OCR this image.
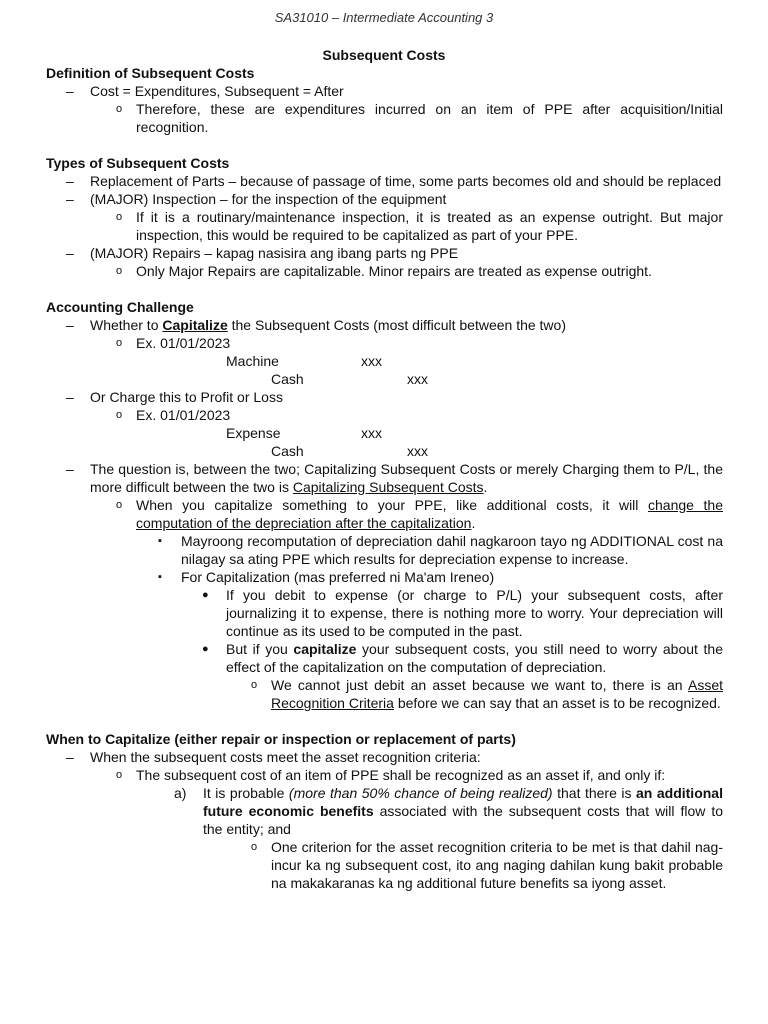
SA31010 – Intermediate Accounting 3
Subsequent Costs
Definition of Subsequent Costs
–	Cost = Expenditures, Subsequent = After
o Therefore, these are expenditures incurred on an item of PPE after acquisition/Initial recognition.
Types of Subsequent Costs
–	Replacement of Parts – because of passage of time, some parts becomes old and should be replaced
–	(MAJOR) Inspection – for the inspection of the equipment
o If it is a routinary/maintenance inspection, it is treated as an expense outright. But major inspection, this would be required to be capitalized as part of your PPE.
–	(MAJOR) Repairs – kapag nasisira ang ibang parts ng PPE
o Only Major Repairs are capitalizable. Minor repairs are treated as expense outright.
Accounting Challenge
–	Whether to Capitalize the Subsequent Costs (most difficult between the two)
o Ex. 01/01/2023
Machine	xxx
Cash	xxx
–	Or Charge this to Profit or Loss
o Ex. 01/01/2023
Expense	xxx
Cash	xxx
–	The question is, between the two; Capitalizing Subsequent Costs or merely Charging them to P/L, the more difficult between the two is Capitalizing Subsequent Costs.
o When you capitalize something to your PPE, like additional costs, it will change the computation of the depreciation after the capitalization.
▪	Mayroong recomputation of depreciation dahil nagkaroon tayo ng ADDITIONAL cost na nilagay sa ating PPE which results for depreciation expense to increase.
▪	For Capitalization (mas preferred ni Ma'am Ireneo)
●	If you debit to expense (or charge to P/L) your subsequent costs, after journalizing it to expense, there is nothing more to worry. Your depreciation will continue as its used to be computed in the past.
●	But if you capitalize your subsequent costs, you still need to worry about the effect of the capitalization on the computation of depreciation.
o We cannot just debit an asset because we want to, there is an Asset Recognition Criteria before we can say that an asset is to be recognized.
When to Capitalize (either repair or inspection or replacement of parts)
–	When the subsequent costs meet the asset recognition criteria:
o The subsequent cost of an item of PPE shall be recognized as an asset if, and only if:
a)	It is probable (more than 50% chance of being realized) that there is an additional future economic benefits associated with the subsequent costs that will flow to the entity; and
o One criterion for the asset recognition criteria to be met is that dahil nag-incur ka ng subsequent cost, ito ang naging dahilan kung bakit probable na makakaranas ka ng additional future benefits sa iyong asset.
